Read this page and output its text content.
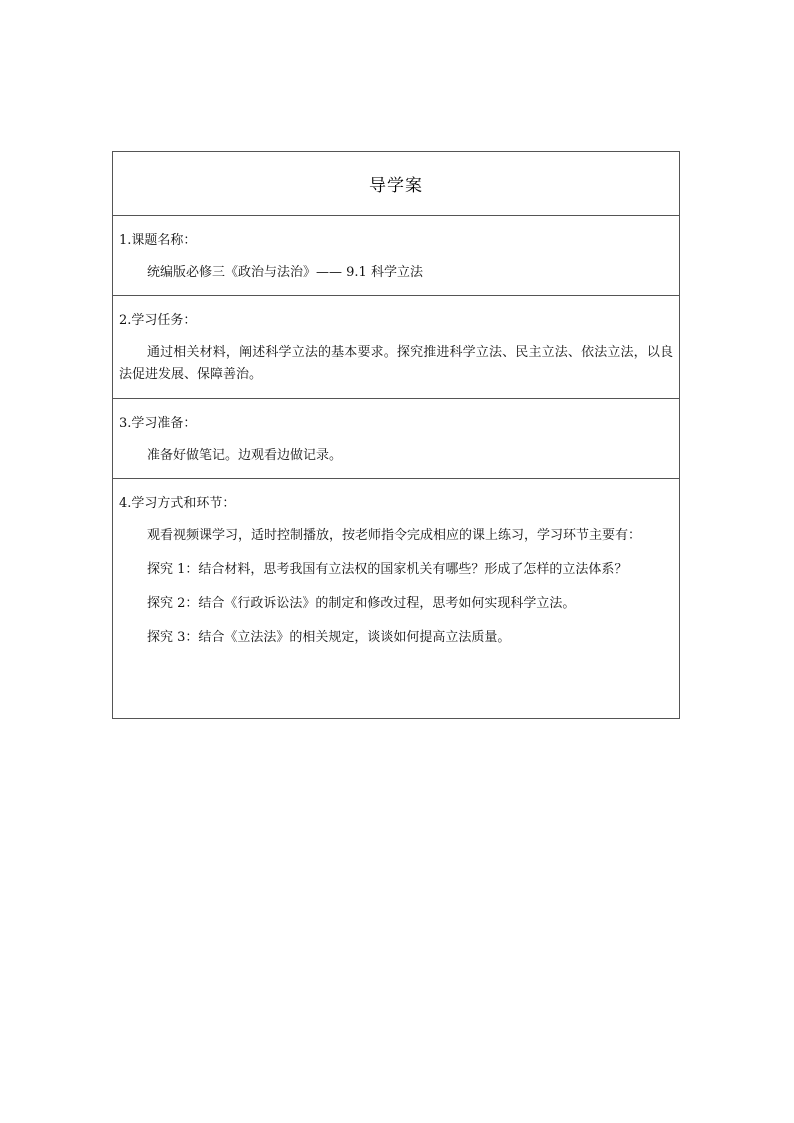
导学案

1.课题名称：

统编版必修三《政治与法治》—— 9.1 科学立法

2.学习任务：

通过相关材料，阐述科学立法的基本要求。探究推进科学立法、民主立法、依法立法，以良法促进发展、保障善治。

3.学习准备：

准备好做笔记。边观看边做记录。

4.学习方式和环节：

观看视频课学习，适时控制播放，按老师指令完成相应的课上练习，学习环节主要有：

探究 1：结合材料，思考我国有立法权的国家机关有哪些？形成了怎样的立法体系？

探究 2：结合《行政诉讼法》的制定和修改过程，思考如何实现科学立法。

探究 3：结合《立法法》的相关规定，谈谈如何提高立法质量。
